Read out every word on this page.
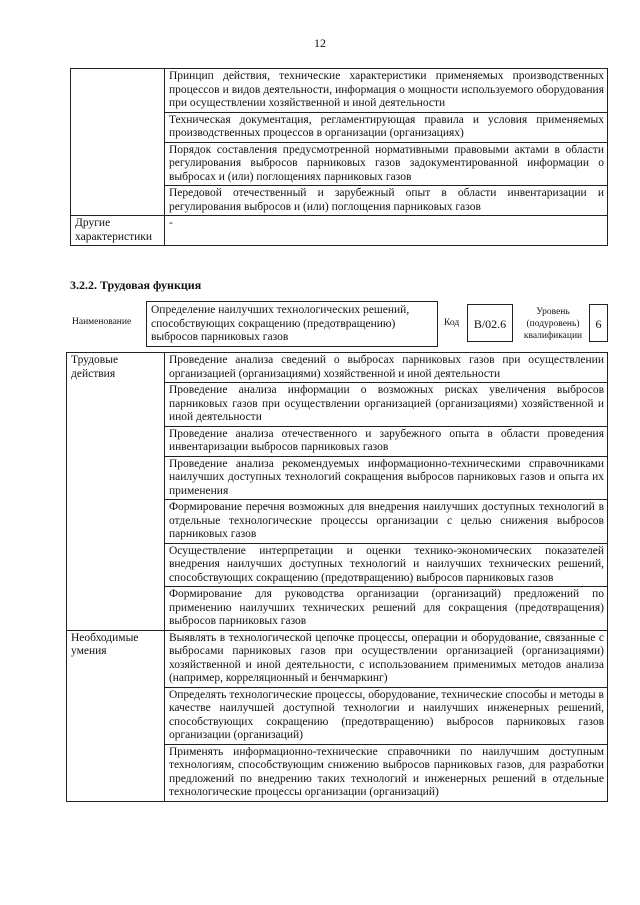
12
	Принцип действия, технические характеристики применяемых производственных процессов и видов деятельности, информация о мощности используемого оборудования при осуществлении хозяйственной и иной деятельности
	Техническая документация, регламентирующая правила и условия применяемых производственных процессов в организации (организациях)
	Порядок составления предусмотренной нормативными правовыми актами в области регулирования выбросов парниковых газов задокументированной информации о выбросах и (или) поглощениях парниковых газов
	Передовой отечественный и зарубежный опыт в области инвентаризации и регулирования выбросов и (или) поглощения парниковых газов
Другие характеристики	-
3.2.2. Трудовая функция
Наименование
Определение наилучших технологических решений, способствующих сокращению (предотвращению) выбросов парниковых газов
Код	B/02.6
Уровень (подуровень) квалификации
6
Трудовые действия	Проведение анализа сведений о выбросах парниковых газов при осуществлении организацией (организациями) хозяйственной и иной деятельности
	Проведение анализа информации о возможных рисках увеличения выбросов парниковых газов при осуществлении организацией (организациями) хозяйственной и иной деятельности
	Проведение анализа отечественного и зарубежного опыта в области проведения инвентаризации выбросов парниковых газов
	Проведение анализа рекомендуемых информационно-техническими справочниками наилучших доступных технологий сокращения выбросов парниковых газов и опыта их применения
	Формирование перечня возможных для внедрения наилучших доступных технологий в отдельные технологические процессы организации с целью снижения выбросов парниковых газов
	Осуществление интерпретации и оценки технико-экономических показателей внедрения наилучших доступных технологий и наилучших технических решений, способствующих сокращению (предотвращению) выбросов парниковых газов
	Формирование для руководства организации (организаций) предложений по применению наилучших технических решений для сокращения (предотвращения) выбросов парниковых газов
Необходимые умения	Выявлять в технологической цепочке процессы, операции и оборудование, связанные с выбросами парниковых газов при осуществлении организацией (организациями) хозяйственной и иной деятельности, с использованием применимых методов анализа (например, корреляционный и бенчмаркинг)
	Определять технологические процессы, оборудование, технические способы и методы в качестве наилучшей доступной технологии и наилучших инженерных решений, способствующих сокращению (предотвращению) выбросов парниковых газов организации (организаций)
	Применять информационно-технические справочники по наилучшим доступным технологиям, способствующим снижению выбросов парниковых газов, для разработки предложений по внедрению таких технологий и инженерных решений в отдельные технологические процессы организации (организаций)
